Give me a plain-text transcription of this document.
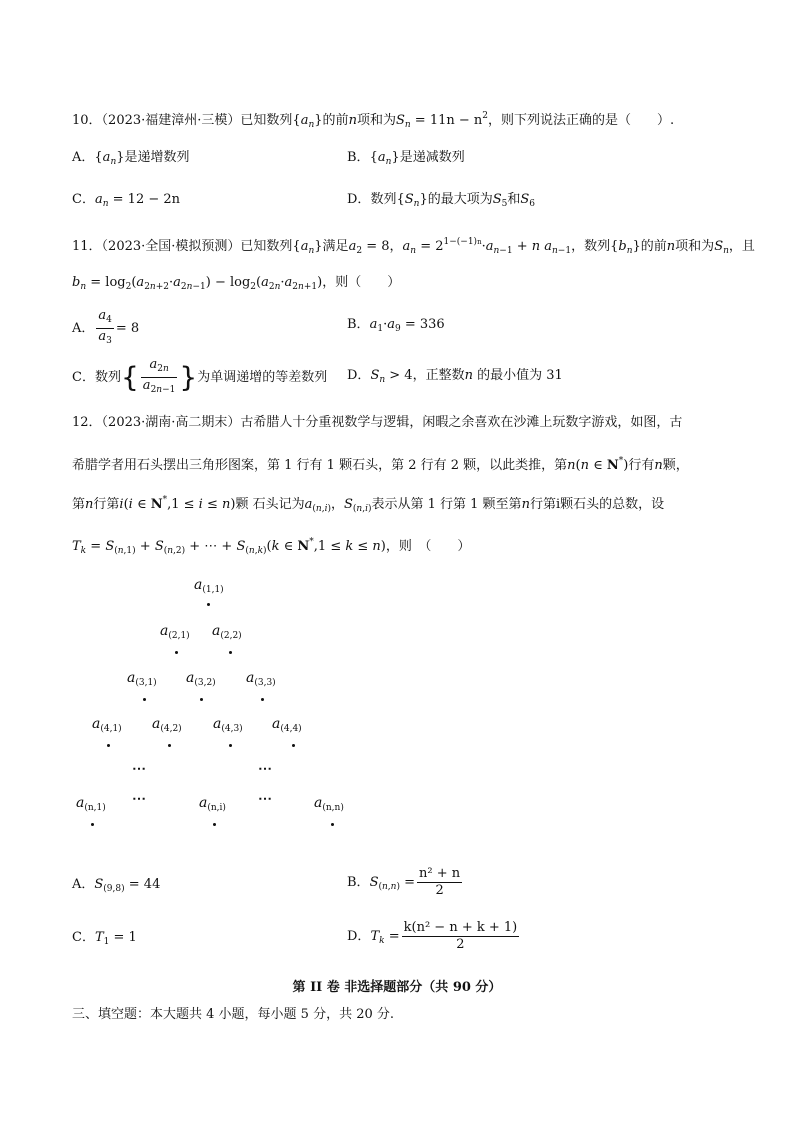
10．（2023·福建漳州·三模）已知数列$\{a_n\}$的前n项和为$S_n = 11n - n^2$，则下列说法正确的是（　　）.
A．$\{a_n\}$是递增数列	B．$\{a_n\}$是递减数列
C．$a_n = 12 - 2n$	D．数列$\{S_n\}$的最大项为$S_5$和$S_6$
11．（2023·全国·模拟预测）已知数列$\{a_n\}$满足$a_2 = 8$，$a_n = 2^{1-(-1)n}\cdot a_{n-1} + n$ $a_{n-1}$，数列$\{b_n\}$的前n项和为$S_n$，且
$b_n = \log_2(a_{2n+2}\cdot a_{2n-1}) - \log_2(a_{2n}\cdot a_{2n+1})$，则（　　）
A． $\frac{a_4}{a_3} = 8$	B．$a_1\cdot a_9 = 336$
C．数列{ $\frac{a_{2n}}{a_{2n-1}}$ }为单调递增的等差数列 D．$S_n > 4$，正整数n 的最小值为 31
12．（2023·湖南·高二期末）古希腊人十分重视数学与逻辑，闲暇之余喜欢在沙滩上玩数字游戏，如图，古
希腊学者用石头摆出三角形图案，第 1 行有 1 颗石头，第 2 行有 2 颗，以此类推，第n(n ∈ N*)行有n颗，
第n行第i(i ∈ N*,1 ≤ i ≤ n)颗 石头记为$a_{(n,i)}$，$S_{(n,i)}$表示从第 1 行第 1 颗至第n行第i颗石头的总数，设
$T_k = S_{(n,1)} + S_{(n,2)}$ + ⋯ + $S_{(n,k)}(k$ ∈ N*,1 ≤ k ≤ n)，则　（　　）
$a_{(1,1)}$
$a_{(2,1)}$ $a_{(2,2)}$
$a_{(3,1)}$ $a_{(3,2)}$ $a_{(3,3)}$
$a_{(4,1)}$ $a_{(4,2)}$ $a_{(4,3)}$ $a_{(4,4)}$
⋯	⋯
$a_{(n,1)}$
⋯	$a_{(n,i)}$
⋯	$a_{(n,n)}$
A．$S_{(9,8)} = 44$	B．$S_{(n,n)} = \frac{\text{n² + n}}{2}$
C．$T_1 = 1$	D．$T_k = \frac{\text{k(n² − n + k + 1)}}{2}$
第 II 卷 非选择题部分（共 90 分）
三、填空题：本大题共 4 小题，每小题 5 分，共 20 分.
